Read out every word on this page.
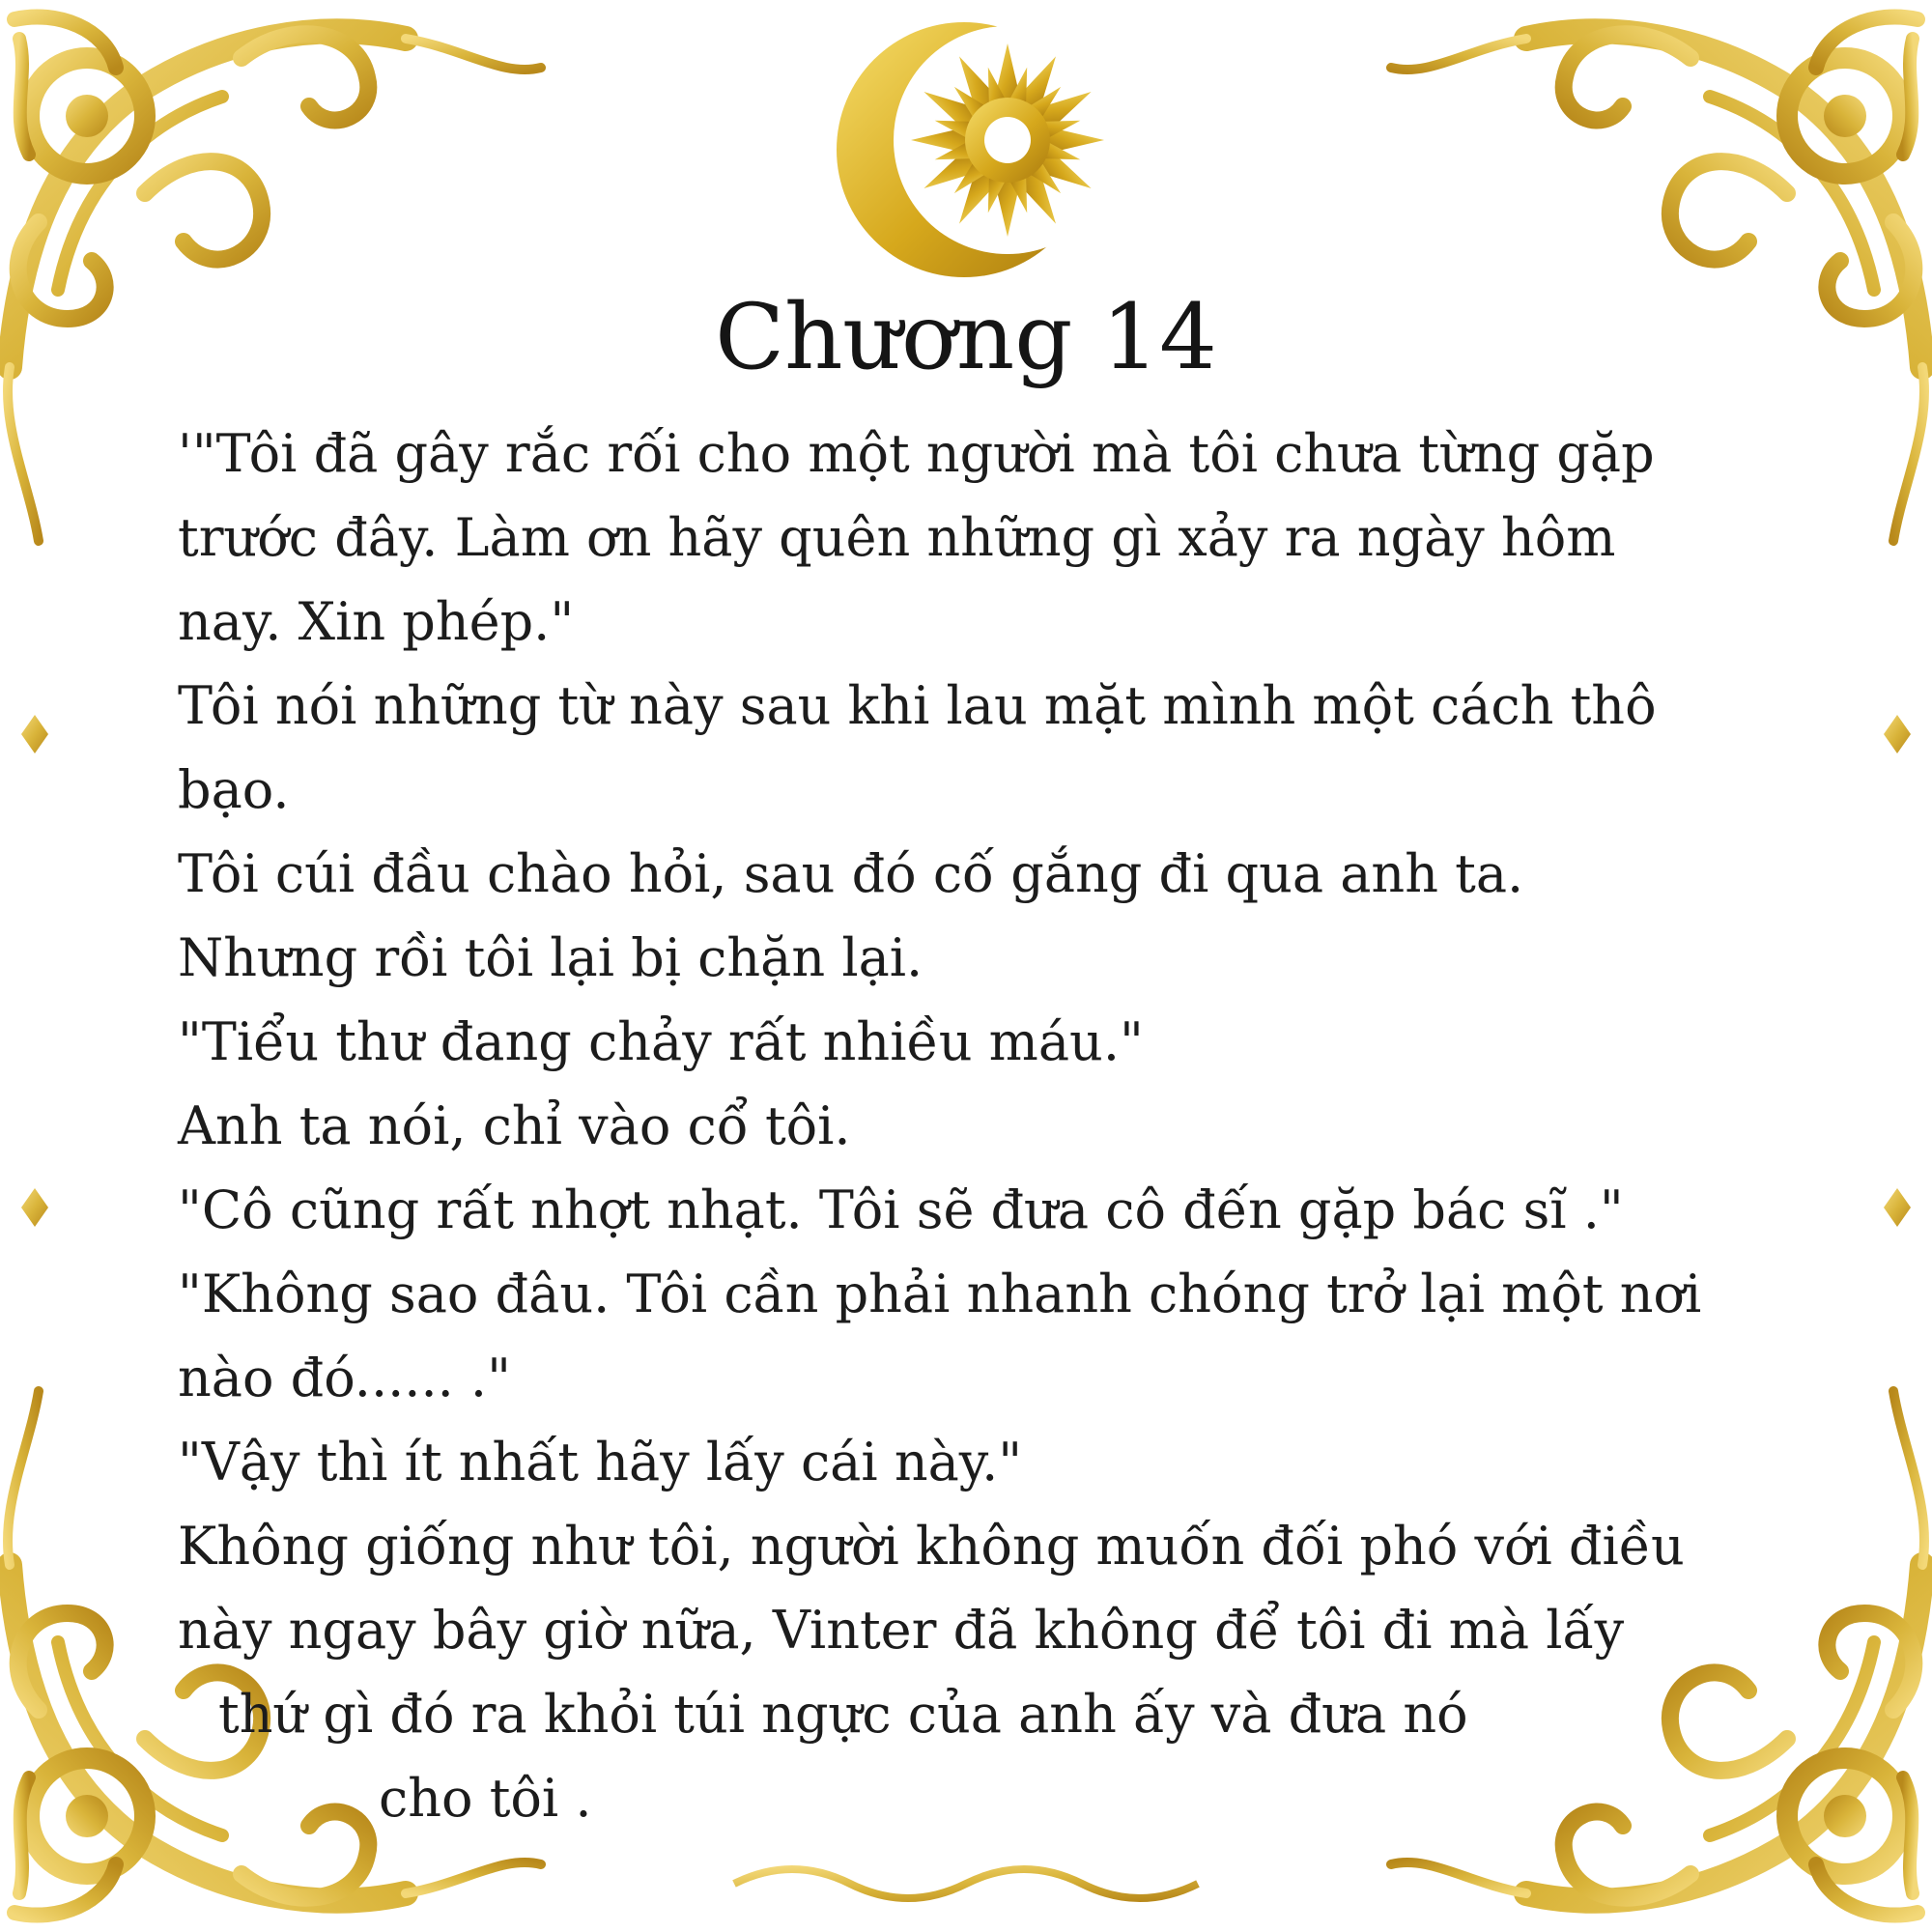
Chương 14
'"Tôi đã gây rắc rối cho một người mà tôi chưa từng gặp
trước đây. Làm ơn hãy quên những gì xảy ra ngày hôm
nay. Xin phép."
Tôi nói những từ này sau khi lau mặt mình một cách thô
bạo.
Tôi cúi đầu chào hỏi, sau đó cố gắng đi qua anh ta.
Nhưng rồi tôi lại bị chặn lại.
"Tiểu thư đang chảy rất nhiều máu."
Anh ta nói, chỉ vào cổ tôi.
"Cô cũng rất nhợt nhạt. Tôi sẽ đưa cô đến gặp bác sĩ ."
"Không sao đâu. Tôi cần phải nhanh chóng trở lại một nơi
nào đó...... ."
"Vậy thì ít nhất hãy lấy cái này."
Không giống như tôi, người không muốn đối phó với điều
này ngay bây giờ nữa, Vinter đã không để tôi đi mà lấy
thứ gì đó ra khỏi túi ngực của anh ấy và đưa nó
cho tôi .
